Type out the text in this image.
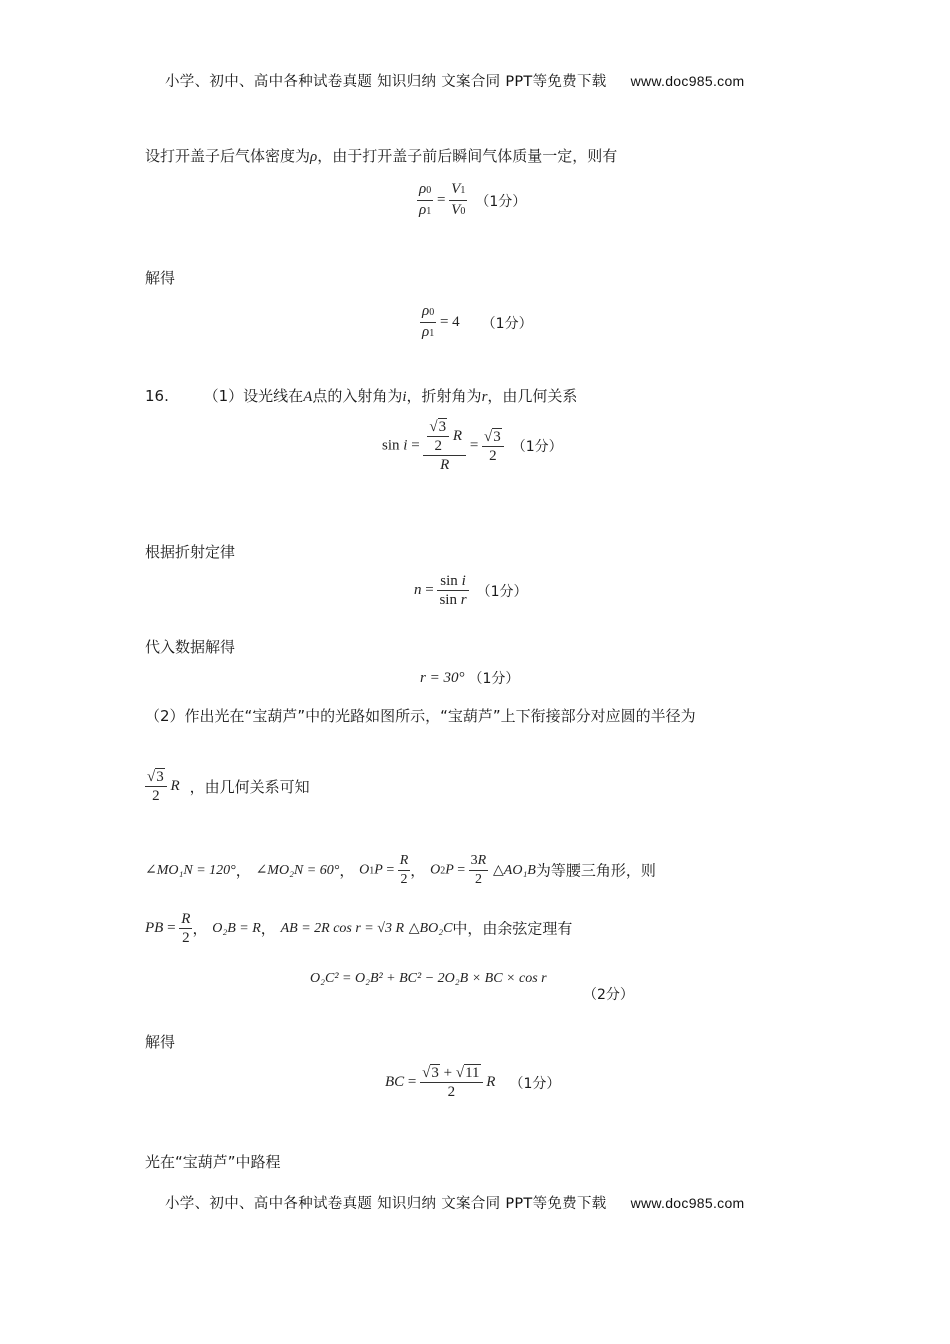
小学、初中、高中各种试卷真题 知识归纳 文案合同 PPT等免费下载 www.doc985.com
设打开盖子后气体密度为ρ，由于打开盖子前后瞬间气体质量一定，则有
$\frac{\rho 0}{\rho 1} = \frac{V1}{V0} (1$分）
解得
$\frac{\rho 0}{\rho 1} = 4$ （1分）
16. （1）设光线在A点的入射角为i，折射角为r，由几何关系
$\sin i = \frac{\frac{√3}{2} R}{R} = \frac{√3}{2} (1$分）
根据折射定律
$n = \frac{\text{sin i}}{\text{sin r}} (1$分）
代入数据解得
r = 30° （1分）
（2）作出光在“宝葫芦”中的光路如图所示，“宝葫芦”上下衔接部分对应圆的半径为
$\frac{√3}{2}$ R ，由几何关系可知
∠MO₁N = 120°， ∠MO₂N = 60°， $O1P = \frac{R}{2}$ ， $O2P = \frac{3R}{2}$ △AO₁B为等腰三角形，则
PB = $\frac{R}{2}$ ， O₂B = R， AB = 2R cos r = √3 R △BO₂C中，由余弦定理有
O₂C² = O₂B² + BC² − 2O₂B × BC × cos r
（2分）
解得
BC = $\frac{√3 + √11}{2}$ R （1分）
光在“宝葫芦”中路程
小学、初中、高中各种试卷真题 知识归纳 文案合同 PPT等免费下载 www.doc985.com
